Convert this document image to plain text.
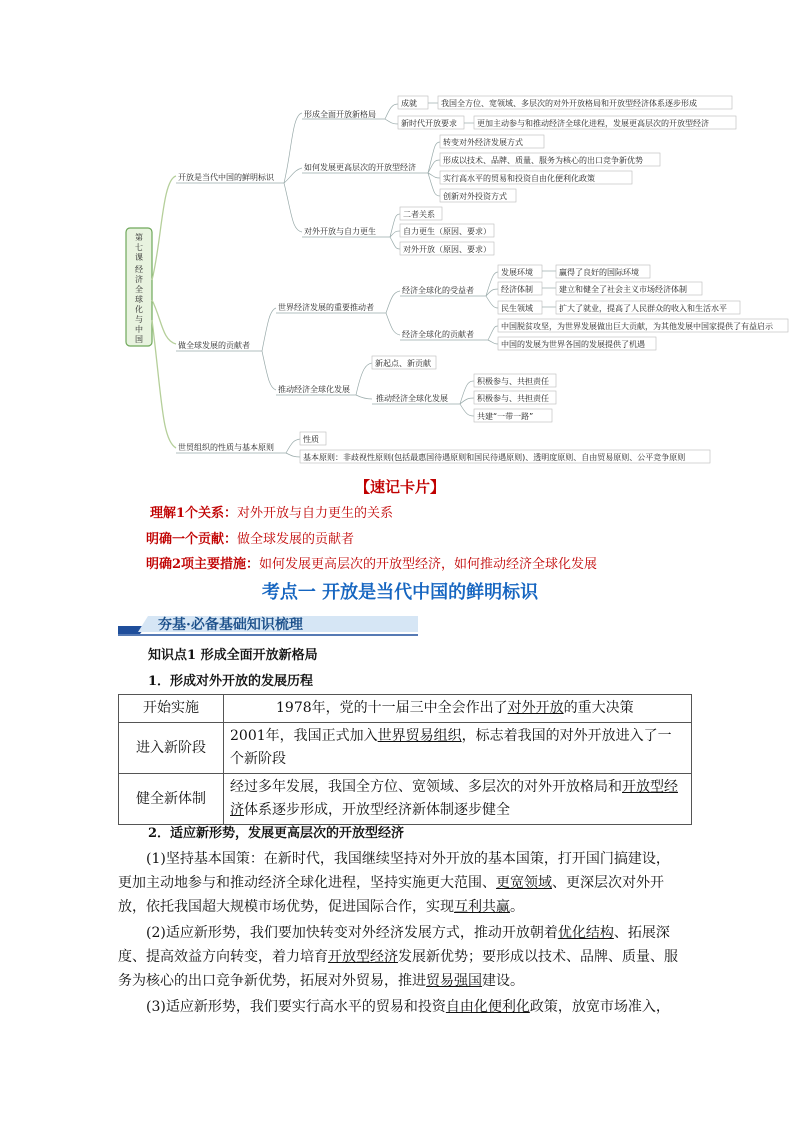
第
七
课
经
济
全
球
化
与
中
国
开放是当代中国的鲜明标识
形成全面开放新格局
成就
新时代开放要求
我国全方位、宽领域、多层次的对外开放格局和开放型经济体系逐步形成
更加主动参与和推动经济全球化进程，发展更高层次的开放型经济
如何发展更高层次的开放型经济
转变对外经济发展方式
形成以技术、品牌、质量、服务为核心的出口竞争新优势
实行高水平的贸易和投资自由化便利化政策
创新对外投资方式
对外开放与自力更生
二者关系
自力更生（原因、要求）
对外开放（原因、要求）
做全球发展的贡献者
世界经济发展的重要推动者
经济全球化的受益者
发展环境
经济体制
民生领域
赢得了良好的国际环境
建立和健全了社会主义市场经济体制
扩大了就业，提高了人民群众的收入和生活水平
经济全球化的贡献者
中国脱贫攻坚，为世界发展做出巨大贡献，为其他发展中国家提供了有益启示
中国的发展为世界各国的发展提供了机遇
推动经济全球化发展
新起点、新贡献
推动经济全球化发展
积极参与、共担责任
积极参与、共担责任
共建“一带一路”
世贸组织的性质与基本原则
性质
基本原则：非歧视性原则(包括最惠国待遇原则和国民待遇原则)、透明度原则、自由贸易原则、公平竞争原则
【速记卡片】
理解1个关系：对外开放与自力更生的关系
明确一个贡献：做全球发展的贡献者
明确2项主要措施：如何发展更高层次的开放型经济，如何推动经济全球化发展
考点一 开放是当代中国的鲜明标识
夯基·必备基础知识梳理
知识点1 形成全面开放新格局
1．形成对外开放的发展历程
开始实施	1978年，党的十一届三中全会作出了对外开放的重大决策
进入新阶段	2001年，我国正式加入世界贸易组织，标志着我国的对外开放进入了一个新阶段
健全新体制	经过多年发展，我国全方位、宽领域、多层次的对外开放格局和开放型经济体系逐步形成，开放型经济新体制逐步健全
2．适应新形势，发展更高层次的开放型经济
(1)坚持基本国策：在新时代，我国继续坚持对外开放的基本国策，打开国门搞建设，更加主动地参与和推动经济全球化进程，坚持实施更大范围、更宽领域、更深层次对外开放，依托我国超大规模市场优势，促进国际合作，实现互利共赢。
(2)适应新形势，我们要加快转变对外经济发展方式，推动开放朝着优化结构、拓展深度、提高效益方向转变，着力培育开放型经济发展新优势；要形成以技术、品牌、质量、服务为核心的出口竞争新优势，拓展对外贸易，推进贸易强国建设。
(3)适应新形势，我们要实行高水平的贸易和投资自由化便利化政策，放宽市场准入，
